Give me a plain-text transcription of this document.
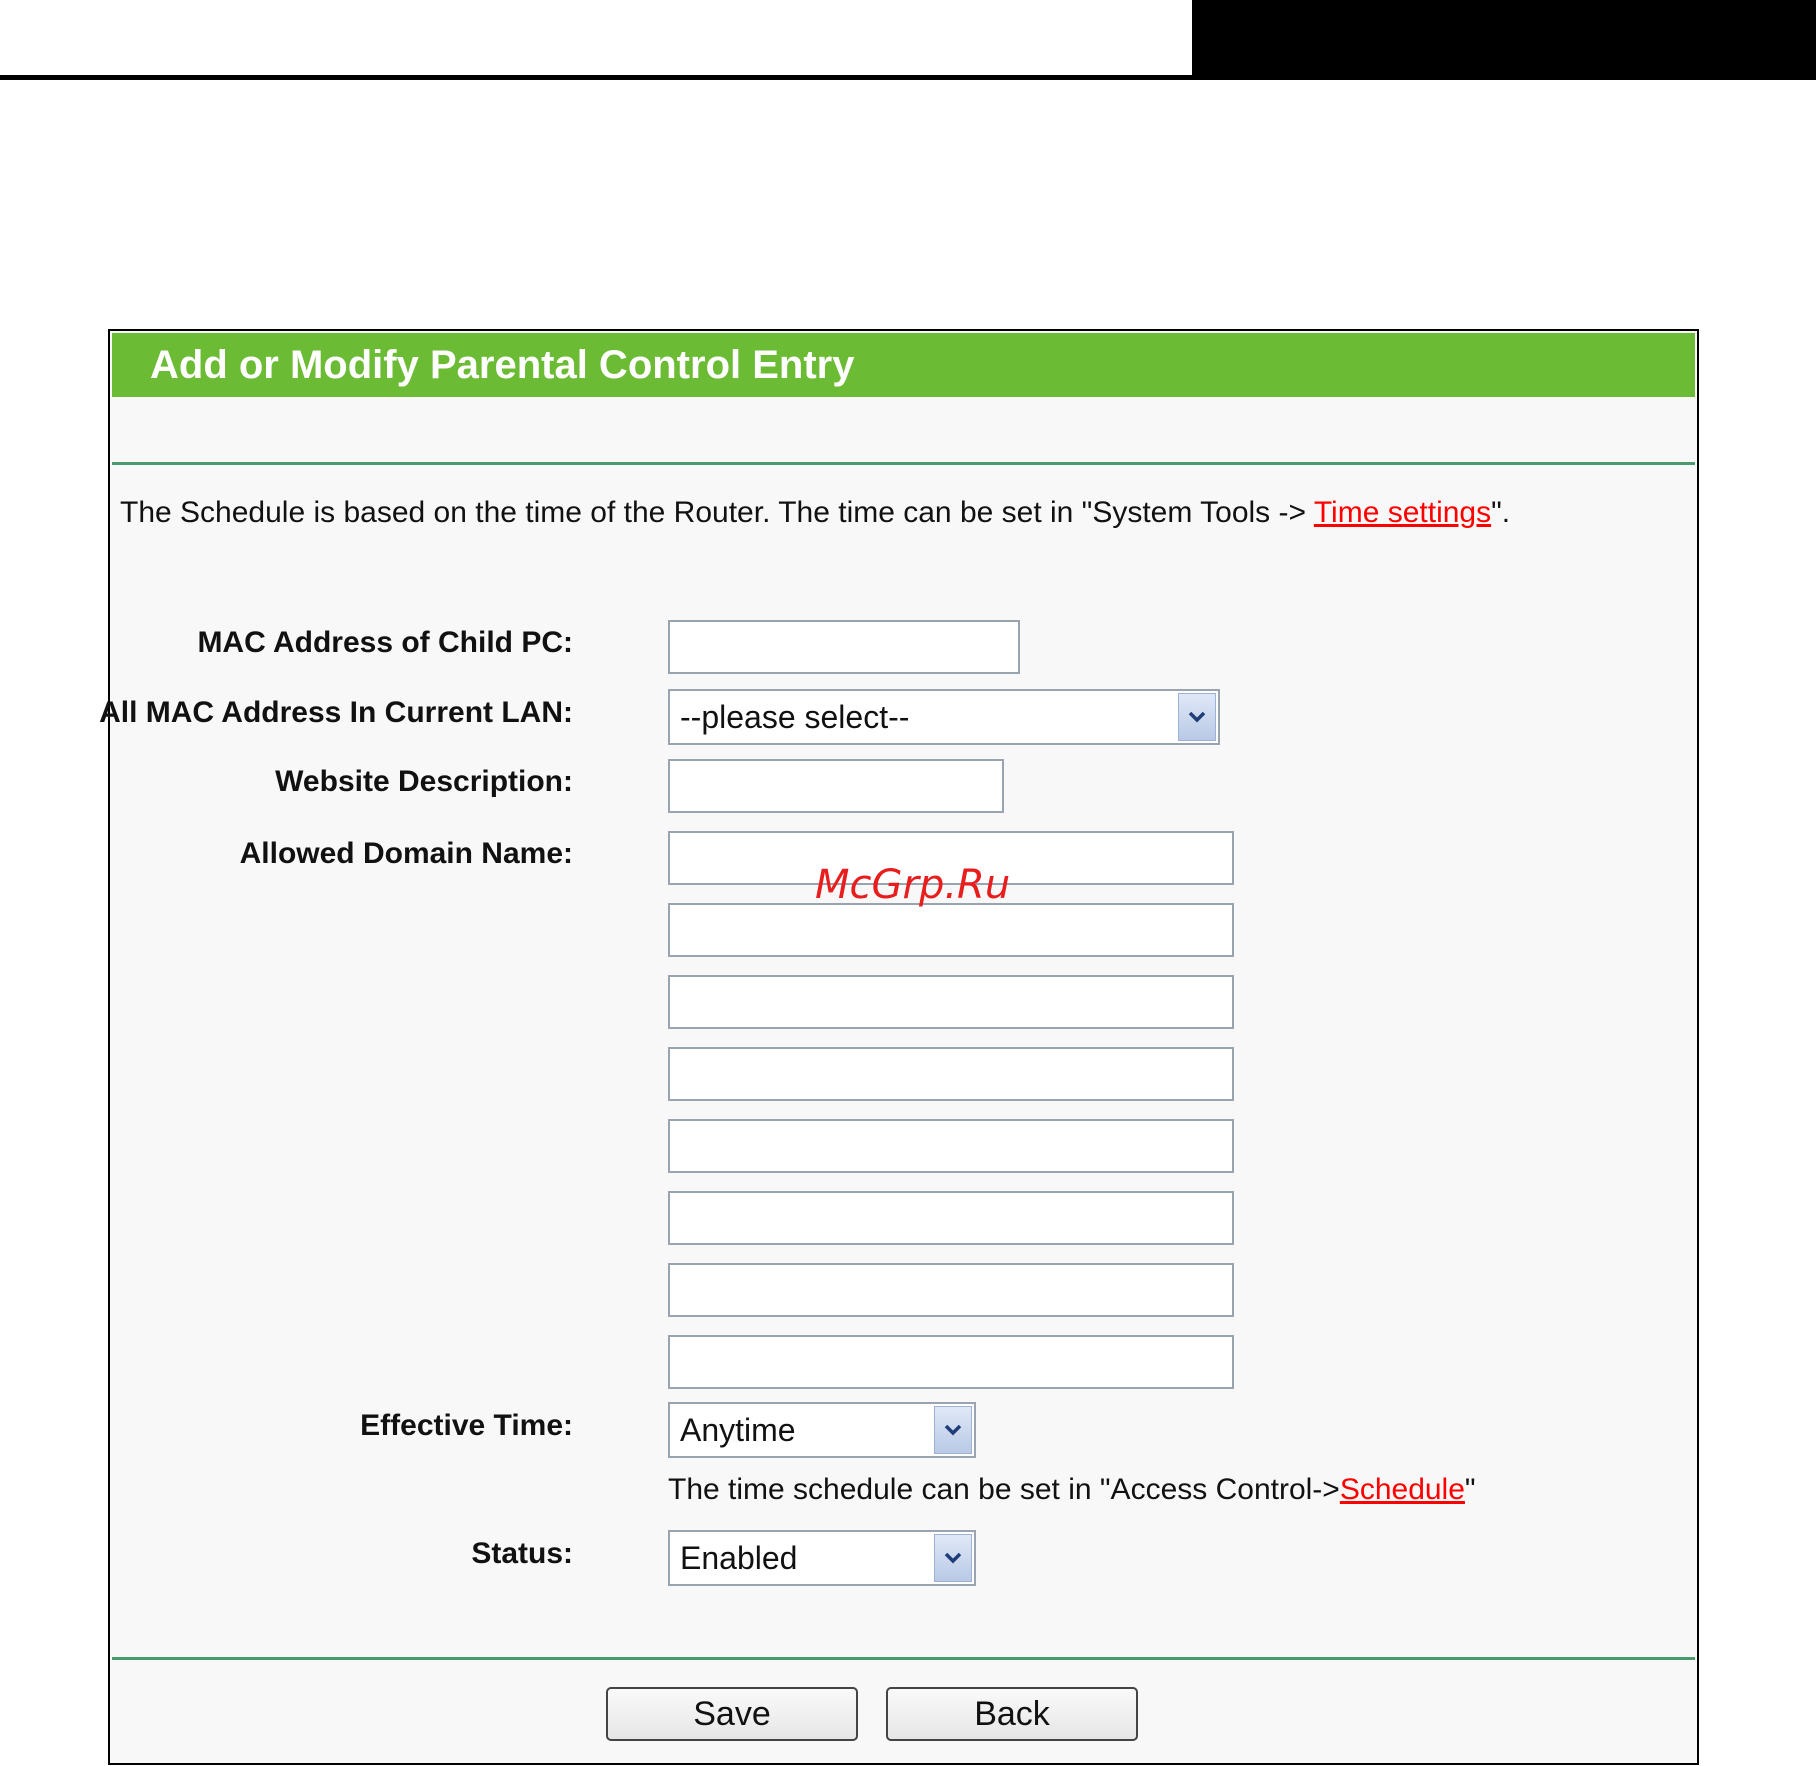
Add or Modify Parental Control Entry
The Schedule is based on the time of the Router. The time can be set in "System Tools -> Time settings".
MAC Address of Child PC:
All MAC Address In Current LAN:	--please select--
Website Description:
Allowed Domain Name:
Effective Time:	Anytime
The time schedule can be set in "Access Control->Schedule"
Status:	Enabled
Save	Back
McGrp.Ru
